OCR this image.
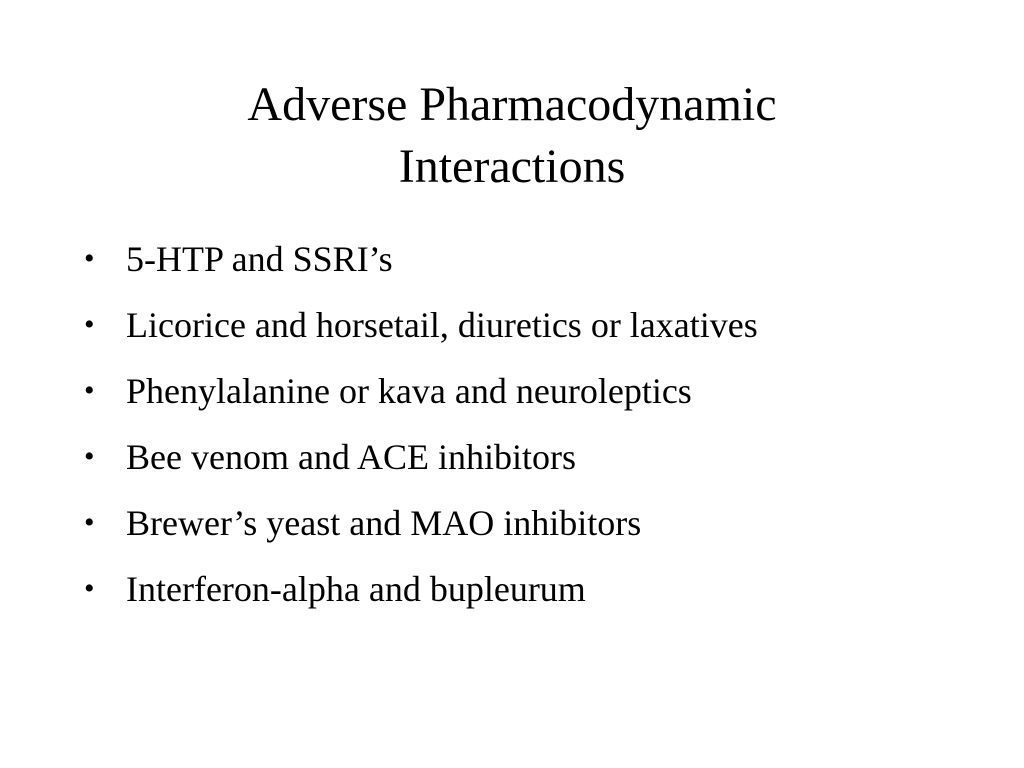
Adverse Pharmacodynamic
Interactions
• 5-HTP and SSRI’s
• Licorice and horsetail, diuretics or laxatives
• Phenylalanine or kava and neuroleptics
• Bee venom and ACE inhibitors
• Brewer’s yeast and MAO inhibitors
• Interferon-alpha and bupleurum
